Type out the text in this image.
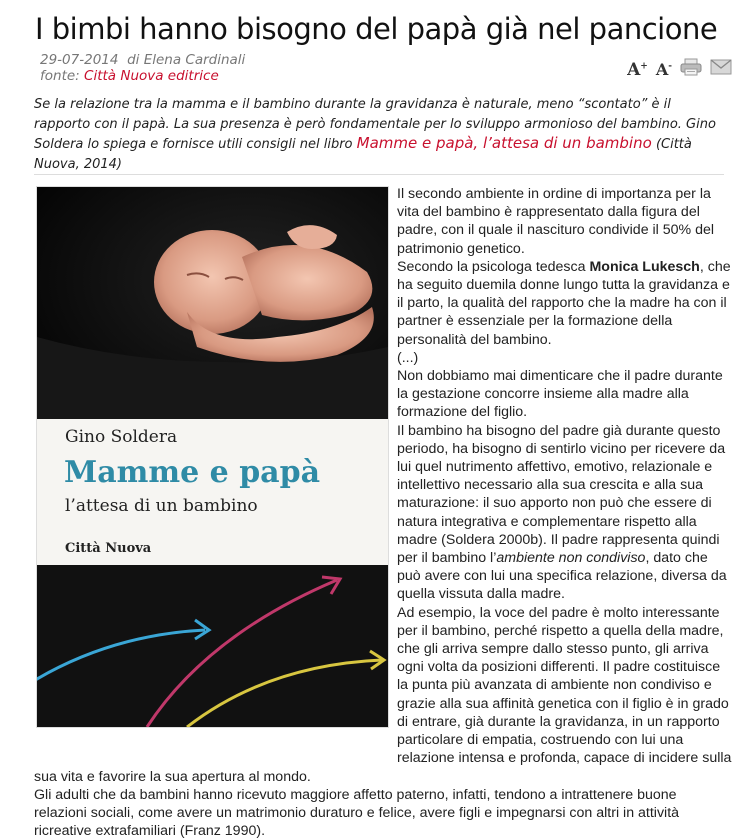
I bimbi hanno bisogno del papà già nel pancione
29-07-2014 di Elena Cardinali
fonte: Città Nuova editrice	A+ A-
Se la relazione tra la mamma e il bambino durante la gravidanza è naturale, meno “scontato” è il rapporto con il papà. La sua presenza è però fondamentale per lo sviluppo armonioso del bambino. Gino Soldera lo spiega e fornisce utili consigli nel libro Mamme e papà, l’attesa di un bambino (Città Nuova, 2014)
Gino Soldera
Mamme e papà
l’attesa di un bambino
Città Nuova

Il secondo ambiente in ordine di importanza per la vita del bambino è rappresentato dalla figura del padre, con il quale il nascituro condivide il 50% del patrimonio genetico.

Secondo la psicologa tedesca Monica Lukesch, che ha seguito duemila donne lungo tutta la gravidanza e il parto, la qualità del rapporto che la madre ha con il partner è essenziale per la formazione della personalità del bambino.

(...)

Non dobbiamo mai dimenticare che il padre durante la gestazione concorre insieme alla madre alla formazione del figlio.

Il bambino ha bisogno del padre già durante questo periodo, ha bisogno di sentirlo vicino per ricevere da lui quel nutrimento affettivo, emotivo, relazionale e intellettivo necessario alla sua crescita e alla sua maturazione: il suo apporto non può che essere di natura integrativa e complementare rispetto alla madre (Soldera 2000b). Il padre rappresenta quindi per il bambino l’ambiente non condiviso, dato che può avere con lui una specifica relazione, diversa da quella vissuta dalla madre.

Ad esempio, la voce del padre è molto interessante per il bambino, perché rispetto a quella della madre, che gli arriva sempre dallo stesso punto, gli arriva ogni volta da posizioni differenti. Il padre costituisce la punta più avanzata di ambiente non condiviso e grazie alla sua affinità genetica con il figlio è in grado di entrare, già durante la gravidanza, in un rapporto particolare di empatia, costruendo con lui una relazione intensa e profonda, capace di incidere sulla sua vita e favorire la sua apertura al mondo.

Gli adulti che da bambini hanno ricevuto maggiore affetto paterno, infatti, tendono a intrattenere buone relazioni sociali, come avere un matrimonio duraturo e felice, avere figli e impegnarsi con altri in attività ricreative extrafamiliari (Franz 1990).
